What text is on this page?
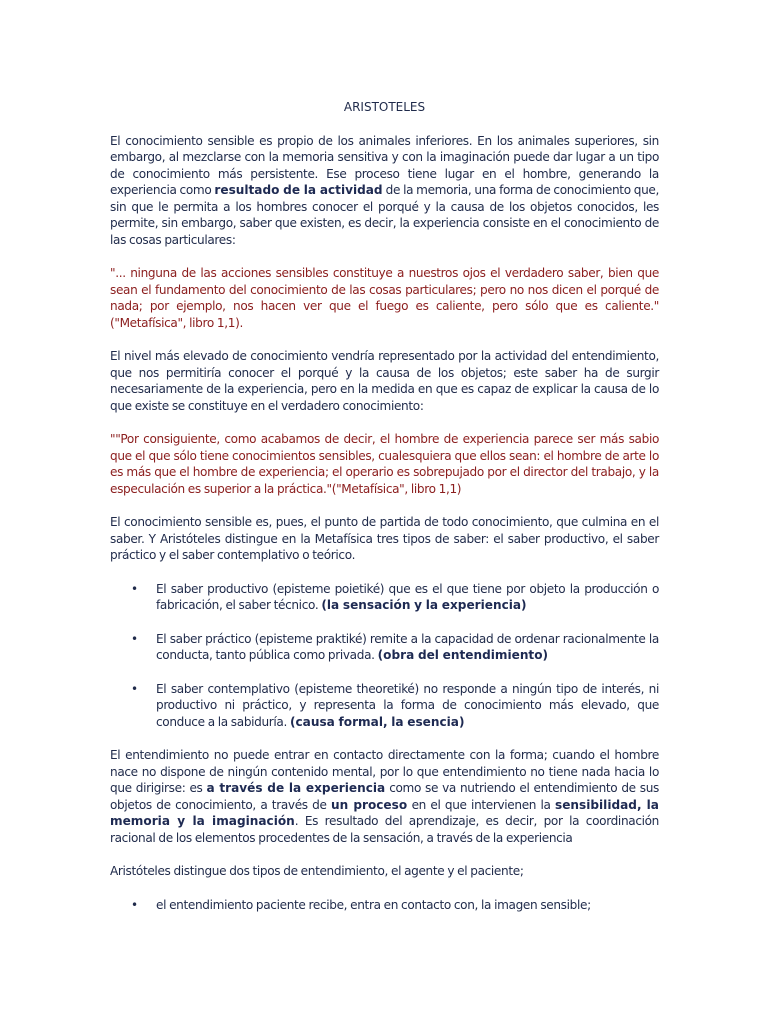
ARISTOTELES

El conocimiento sensible es propio de los animales inferiores. En los animales superiores, sin embargo, al mezclarse con la memoria sensitiva y con la imaginación puede dar lugar a un tipo de conocimiento más persistente. Ese proceso tiene lugar en el hombre, generando la experiencia como resultado de la actividad de la memoria, una forma de conocimiento que, sin que le permita a los hombres conocer el porqué y la causa de los objetos conocidos, les permite, sin embargo, saber que existen, es decir, la experiencia consiste en el conocimiento de las cosas particulares:

"... ninguna de las acciones sensibles constituye a nuestros ojos el verdadero saber, bien que sean el fundamento del conocimiento de las cosas particulares; pero no nos dicen el porqué de nada; por ejemplo, nos hacen ver que el fuego es caliente, pero sólo que es caliente." ("Metafísica", libro 1,1).

El nivel más elevado de conocimiento vendría representado por la actividad del entendimiento, que nos permitiría conocer el porqué y la causa de los objetos; este saber ha de surgir necesariamente de la experiencia, pero en la medida en que es capaz de explicar la causa de lo que existe se constituye en el verdadero conocimiento:

""Por consiguiente, como acabamos de decir, el hombre de experiencia parece ser más sabio que el que sólo tiene conocimientos sensibles, cualesquiera que ellos sean: el hombre de arte lo es más que el hombre de experiencia; el operario es sobrepujado por el director del trabajo, y la especulación es superior a la práctica."("Metafísica", libro 1,1)

El conocimiento sensible es, pues, el punto de partida de todo conocimiento, que culmina en el saber. Y Aristóteles distingue en la Metafísica tres tipos de saber: el saber productivo, el saber práctico y el saber contemplativo o teórico.

• El saber productivo (episteme poietiké) que es el que tiene por objeto la producción o fabricación, el saber técnico. (la sensación y la experiencia)
• El saber práctico (episteme praktiké) remite a la capacidad de ordenar racionalmente la conducta, tanto pública como privada. (obra del entendimiento)
• El saber contemplativo (episteme theoretiké) no responde a ningún tipo de interés, ni productivo ni práctico, y representa la forma de conocimiento más elevado, que conduce a la sabiduría. (causa formal, la esencia)

El entendimiento no puede entrar en contacto directamente con la forma; cuando el hombre nace no dispone de ningún contenido mental, por lo que entendimiento no tiene nada hacia lo que dirigirse: es a través de la experiencia como se va nutriendo el entendimiento de sus objetos de conocimiento, a través de un proceso en el que intervienen la sensibilidad, la memoria y la imaginación. Es resultado del aprendizaje, es decir, por la coordinación racional de los elementos procedentes de la sensación, a través de la experiencia

Aristóteles distingue dos tipos de entendimiento, el agente y el paciente;

• el entendimiento paciente recibe, entra en contacto con, la imagen sensible;
